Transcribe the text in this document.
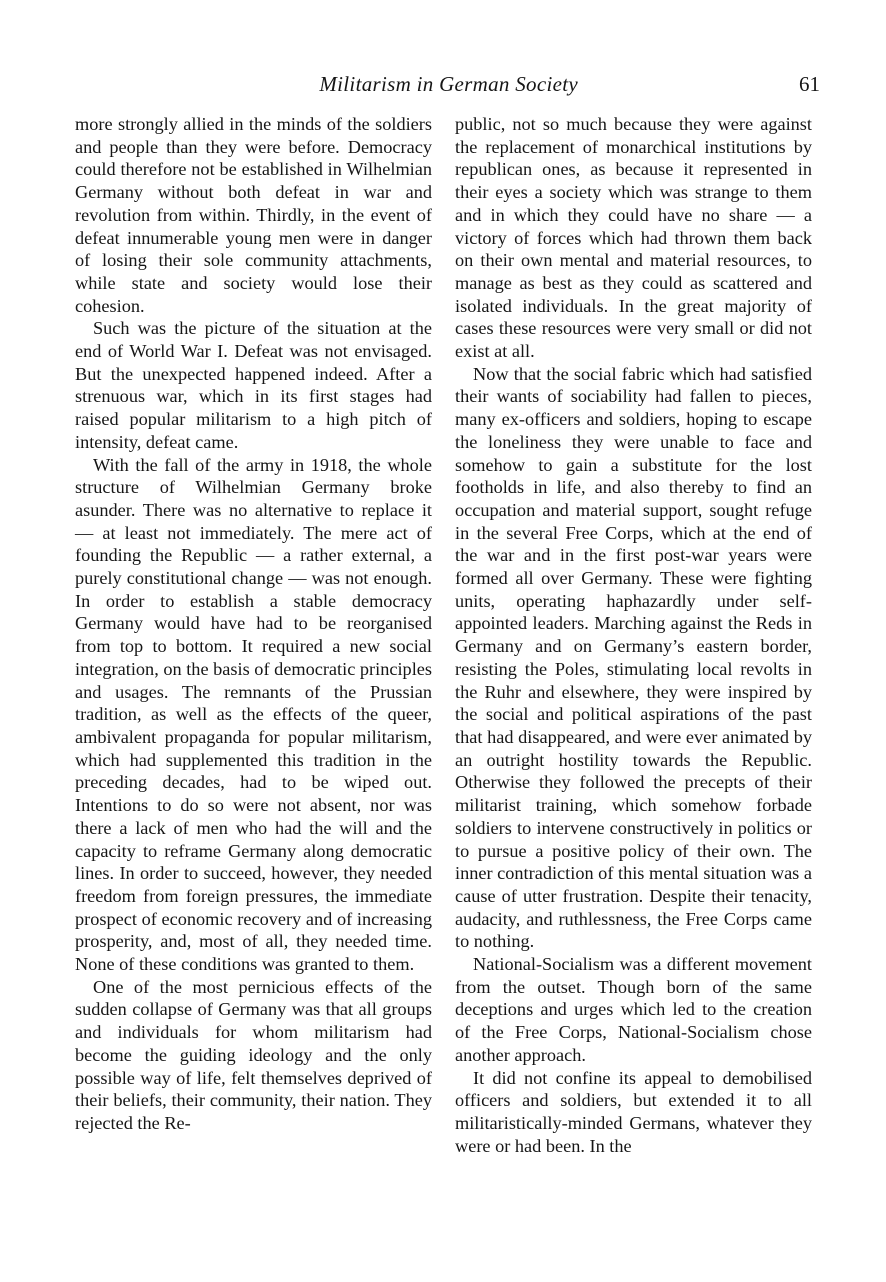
Militarism in German Society	61

more strongly allied in the minds of the soldiers and people than they were before. Democracy could therefore not be established in Wilhelmian Germany without both defeat in war and revolution from within. Thirdly, in the event of defeat innumerable young men were in danger of losing their sole community attachments, while state and society would lose their cohesion.

Such was the picture of the situation at the end of World War I. Defeat was not envisaged. But the unexpected happened indeed. After a strenuous war, which in its first stages had raised popular militarism to a high pitch of intensity, defeat came.

With the fall of the army in 1918, the whole structure of Wilhelmian Germany broke asunder. There was no alternative to replace it — at least not immediately. The mere act of founding the Republic — a rather external, a purely constitutional change — was not enough. In order to establish a stable democracy Germany would have had to be reorganised from top to bottom. It required a new social integration, on the basis of democratic principles and usages. The remnants of the Prussian tradition, as well as the effects of the queer, ambivalent propaganda for popular militarism, which had supplemented this tradition in the preceding decades, had to be wiped out. Intentions to do so were not absent, nor was there a lack of men who had the will and the capacity to reframe Germany along democratic lines. In order to succeed, however, they needed freedom from foreign pressures, the immediate prospect of economic recovery and of increasing prosperity, and, most of all, they needed time. None of these conditions was granted to them.

One of the most pernicious effects of the sudden collapse of Germany was that all groups and individuals for whom militarism had become the guiding ideology and the only possible way of life, felt themselves deprived of their beliefs, their community, their nation. They rejected the Re-

public, not so much because they were against the replacement of monarchical institutions by republican ones, as because it represented in their eyes a society which was strange to them and in which they could have no share — a victory of forces which had thrown them back on their own mental and material resources, to manage as best as they could as scattered and isolated individuals. In the great majority of cases these resources were very small or did not exist at all.

Now that the social fabric which had satisfied their wants of sociability had fallen to pieces, many ex-officers and soldiers, hoping to escape the loneliness they were unable to face and somehow to gain a substitute for the lost footholds in life, and also thereby to find an occupation and material support, sought refuge in the several Free Corps, which at the end of the war and in the first post-war years were formed all over Germany. These were fighting units, operating haphazardly under self-appointed leaders. Marching against the Reds in Germany and on Germany’s eastern border, resisting the Poles, stimulating local revolts in the Ruhr and elsewhere, they were inspired by the social and political aspirations of the past that had disappeared, and were ever animated by an outright hostility towards the Republic. Otherwise they followed the precepts of their militarist training, which somehow forbade soldiers to intervene constructively in politics or to pursue a positive policy of their own. The inner contradiction of this mental situation was a cause of utter frustration. Despite their tenacity, audacity, and ruthlessness, the Free Corps came to nothing.

National-Socialism was a different movement from the outset. Though born of the same deceptions and urges which led to the creation of the Free Corps, National-Socialism chose another approach.

It did not confine its appeal to demobilised officers and soldiers, but extended it to all militaristically-minded Germans, whatever they were or had been. In the
